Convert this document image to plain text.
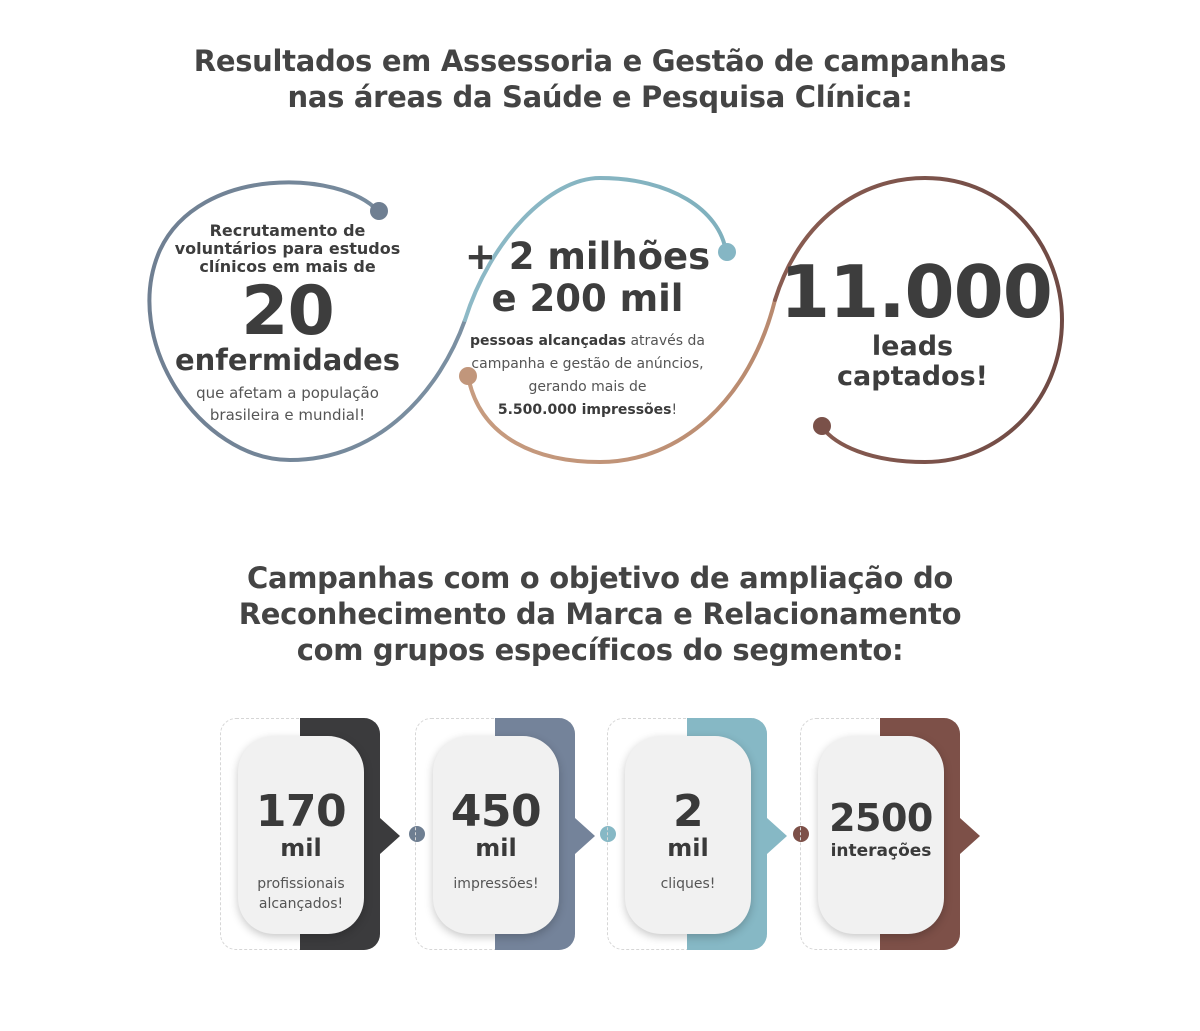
Resultados em Assessoria e Gestão de campanhas
nas áreas da Saúde e Pesquisa Clínica:
Recrutamento de
voluntários para estudos
clínicos em mais de
20
enfermidades
que afetam a população
brasileira e mundial!
+ 2 milhões
e 200 mil
pessoas alcançadas através da
campanha e gestão de anúncios,
gerando mais de
5.500.000 impressões!
11.000
leads
captados!
Campanhas com o objetivo de ampliação do
Reconhecimento da Marca e Relacionamento
com grupos específicos do segmento:
170
mil
profissionais
alcançados!
450
mil
impressões!
2
mil
cliques!
2500
interações
